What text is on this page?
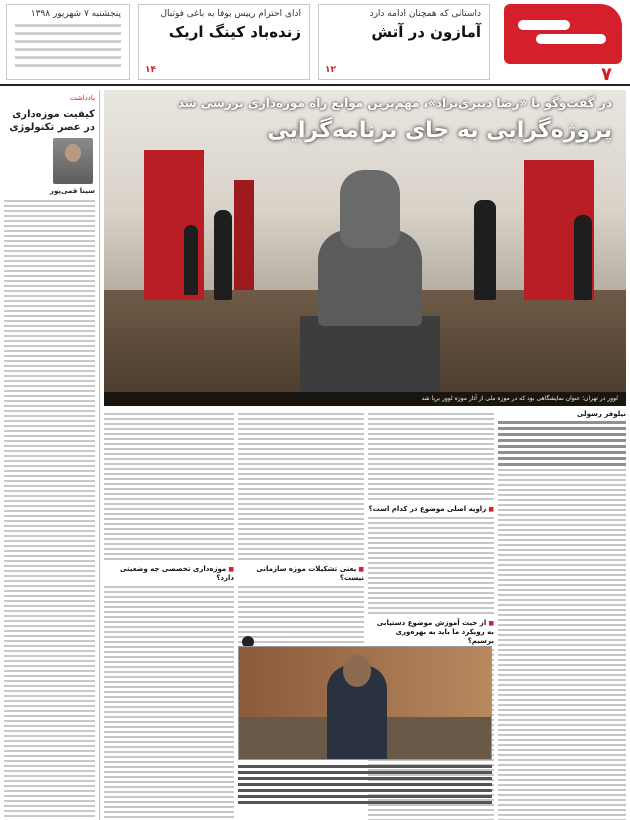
۷
داستانی که همچنان ادامه دارد
آمازون در آتش
۱۲
ادای احترام رییس یوفا به باغی فوتبال
زنده‌باد کینگ اریک
۱۴
پنجشنبه ۷ شهریور ۱۳۹۸
یادداشت
کیفیت موزه‌داری در عصر تکنولوژی
سینا قمی‌پور
در گفت‌وگو با «رضا دبیری‌نژاد»، مهم‌ترین موانع راه موزه‌داری بررسی شد
پروژه‌گرایی به جای برنامه‌گرایی
لوور در تهران؛ عنوان نمایشگاهی بود که در موزه ملی از آثار موزه لوور برپا شد
نیلوفر رسولی
■ زاویه اصلی موضوع در کدام است؟
■ از حیث آموزش موضوع دستیابی به رویکرد ما باید به بهره‌وری برسیم؟
■ یعنی تشکیلات موزه سازمانی نیست؟
■ موزه‌داری تخصصی چه وضعیتی دارد؟
